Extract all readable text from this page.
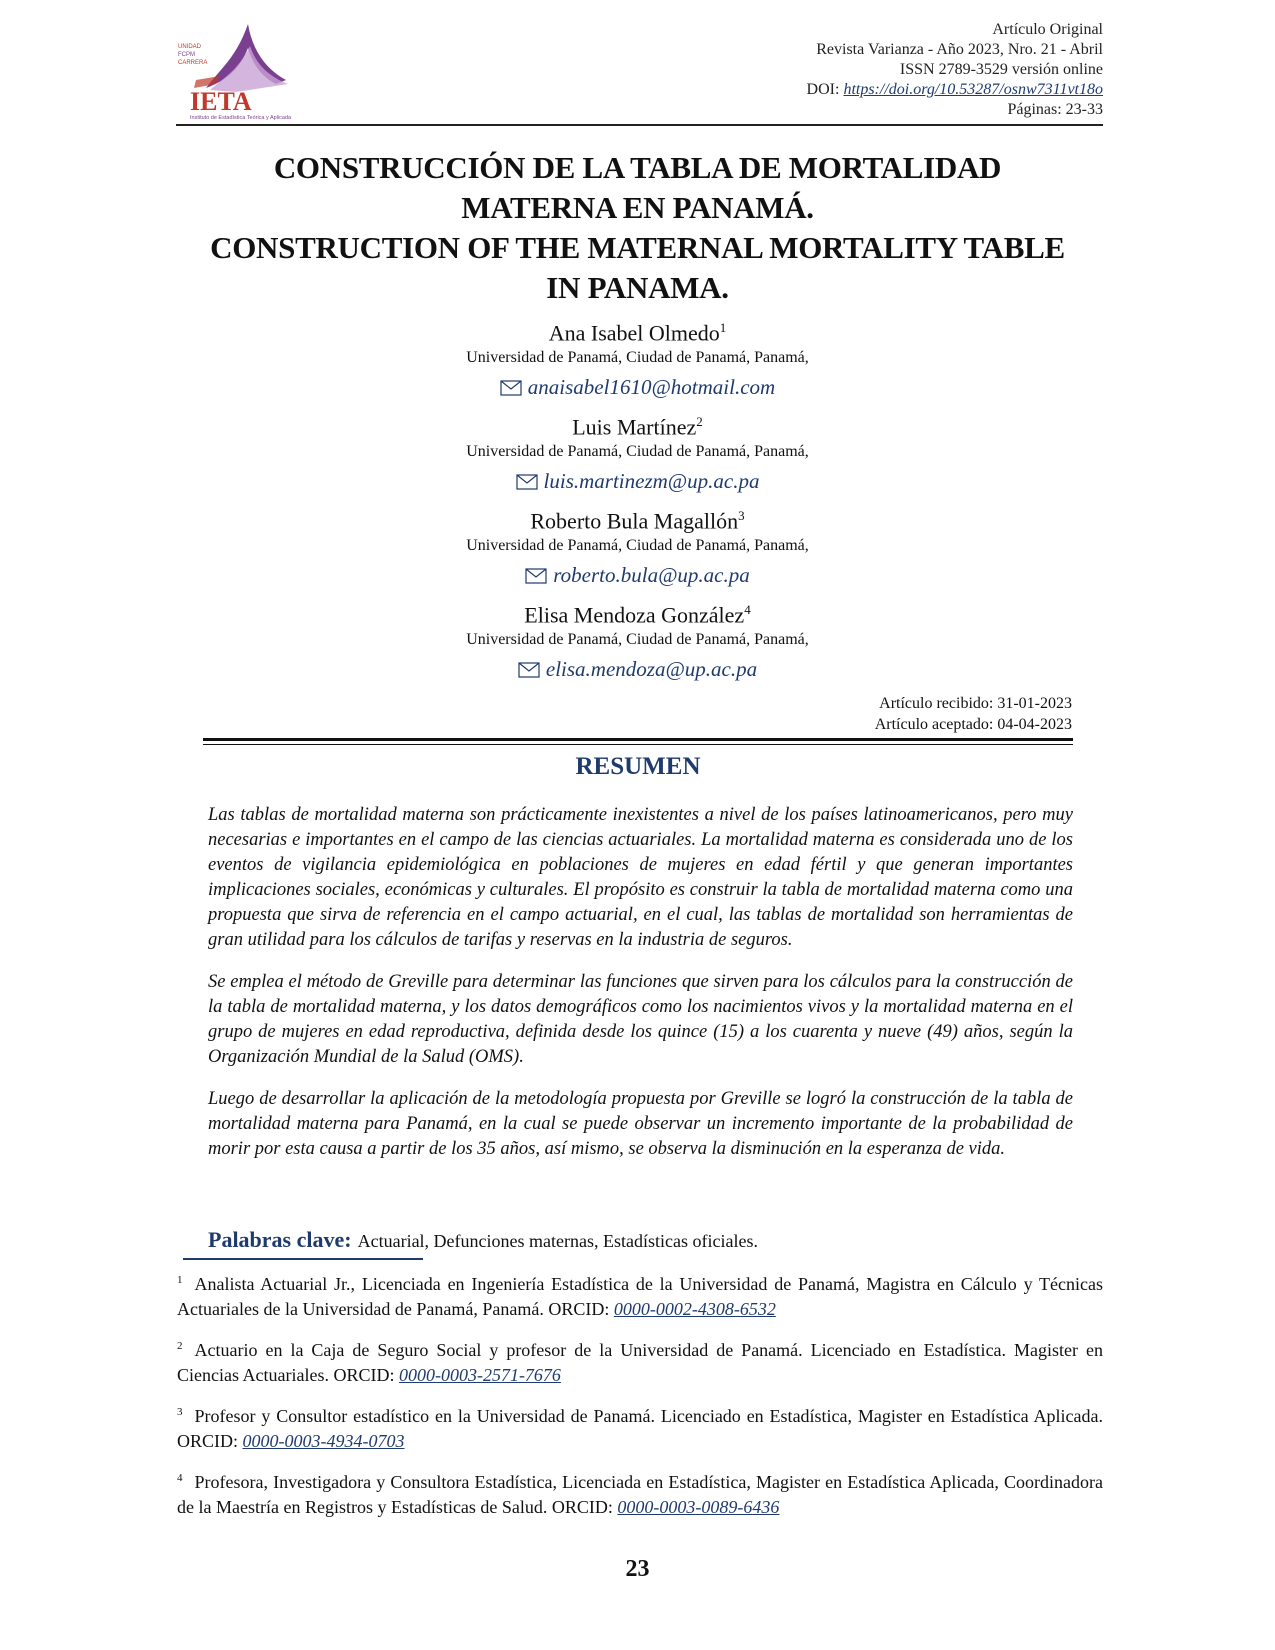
UNIDAD
FCPM
CARRERA
IETA
Instituto de Estadística Teórica y Aplicada
Artículo Original
Revista Varianza - Año 2023, Nro. 21 - Abril
ISSN 2789-3529 versión online
DOI: https://doi.org/10.53287/osnw7311vt18o
Páginas: 23-33
CONSTRUCCIÓN DE LA TABLA DE MORTALIDAD
MATERNA EN PANAMÁ.
CONSTRUCTION OF THE MATERNAL MORTALITY TABLE
IN PANAMA.
Ana Isabel Olmedo$^1$
Universidad de Panamá, Ciudad de Panamá, Panamá,
anaisabel1610@hotmail.com
Luis Martínez$^2$
Universidad de Panamá, Ciudad de Panamá, Panamá,
luis.martinezm@up.ac.pa
Roberto Bula Magallón$^3$
Universidad de Panamá, Ciudad de Panamá, Panamá,
roberto.bula@up.ac.pa
Elisa Mendoza González$^4$
Universidad de Panamá, Ciudad de Panamá, Panamá,
elisa.mendoza@up.ac.pa
Artículo recibido: 31-01-2023
Artículo aceptado: 04-04-2023
RESUMEN

Las tablas de mortalidad materna son prácticamente inexistentes a nivel de los países latinoamericanos, pero muy necesarias e importantes en el campo de las ciencias actuariales. La mortalidad materna es considerada uno de los eventos de vigilancia epidemiológica en poblaciones de mujeres en edad fértil y que generan importantes implicaciones sociales, económicas y culturales. El propósito es construir la tabla de mortalidad materna como una propuesta que sirva de referencia en el campo actuarial, en el cual, las tablas de mortalidad son herramientas de gran utilidad para los cálculos de tarifas y reservas en la industria de seguros.

Se emplea el método de Greville para determinar las funciones que sirven para los cálculos para la construcción de la tabla de mortalidad materna, y los datos demográficos como los nacimientos vivos y la mortalidad materna en el grupo de mujeres en edad reproductiva, definida desde los quince (15) a los cuarenta y nueve (49) años, según la Organización Mundial de la Salud (OMS).

Luego de desarrollar la aplicación de la metodología propuesta por Greville se logró la construcción de la tabla de mortalidad materna para Panamá, en la cual se puede observar un incremento importante de la probabilidad de morir por esta causa a partir de los 35 años, así mismo, se observa la disminución en la esperanza de vida.

Palabras clave: Actuarial, Defunciones maternas, Estadísticas oficiales.
$^1$ Analista Actuarial Jr., Licenciada en Ingeniería Estadística de la Universidad de Panamá, Magistra en Cálculo y Técnicas Actuariales de la Universidad de Panamá, Panamá. ORCID: 0000-0002-4308-6532
$^2$ Actuario en la Caja de Seguro Social y profesor de la Universidad de Panamá. Licenciado en Estadística. Magister en Ciencias Actuariales. ORCID: 0000-0003-2571-7676
$^3$ Profesor y Consultor estadístico en la Universidad de Panamá. Licenciado en Estadística, Magister en Estadística Aplicada. ORCID: 0000-0003-4934-0703
$^4$ Profesora, Investigadora y Consultora Estadística, Licenciada en Estadística, Magister en Estadística Aplicada, Coordinadora de la Maestría en Registros y Estadísticas de Salud. ORCID: 0000-0003-0089-6436
23
